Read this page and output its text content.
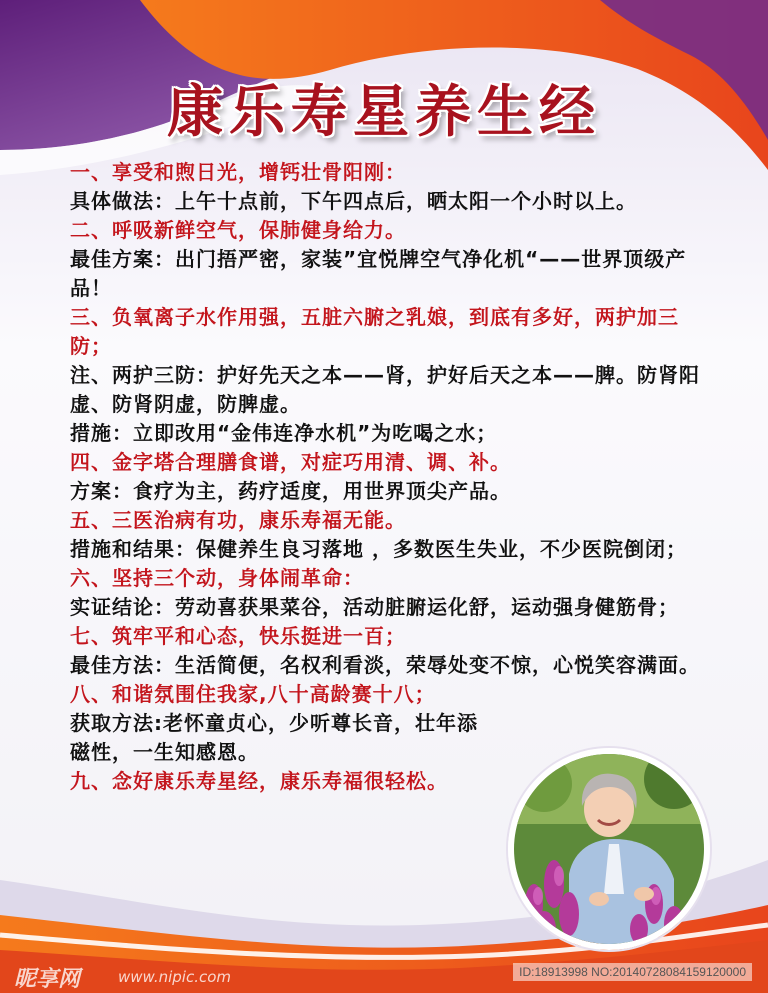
康乐寿星养生经
一、享受和煦日光，增钙壮骨阳刚：
具体做法：上午十点前，下午四点后，晒太阳一个小时以上。
二、呼吸新鲜空气，保肺健身给力。
最佳方案：出门捂严密，家装”宜悦牌空气净化机“——世界顶级产品！
三、负氧离子水作用强，五脏六腑之乳娘，到底有多好，两护加三防；
注、两护三防：护好先天之本——肾，护好后天之本——脾。防肾阳虚、防肾阴虚，防脾虚。
措施：立即改用“金伟连净水机”为吃喝之水；
四、金字塔合理膳食谱，对症巧用清、调、补。
方案：食疗为主，药疗适度，用世界顶尖产品。
五、三医治病有功，康乐寿福无能。
措施和结果：保健养生良习落地 ，多数医生失业，不少医院倒闭；
六、坚持三个动，身体闹革命：
实证结论：劳动喜获果菜谷，活动脏腑运化舒，运动强身健筋骨；
七、筑牢平和心态，快乐挺进一百；
最佳方法：生活简便，名权利看淡，荣辱处变不惊，心悦笑容满面。
八、和谐氛围住我家,八十高龄赛十八；
获取方法:老怀童贞心，少听尊长音，壮年添磁性，一生知感恩。
九、念好康乐寿星经，康乐寿福很轻松。
昵享网	www.nipic.com	ID:18913998 NO:20140728084159120000
